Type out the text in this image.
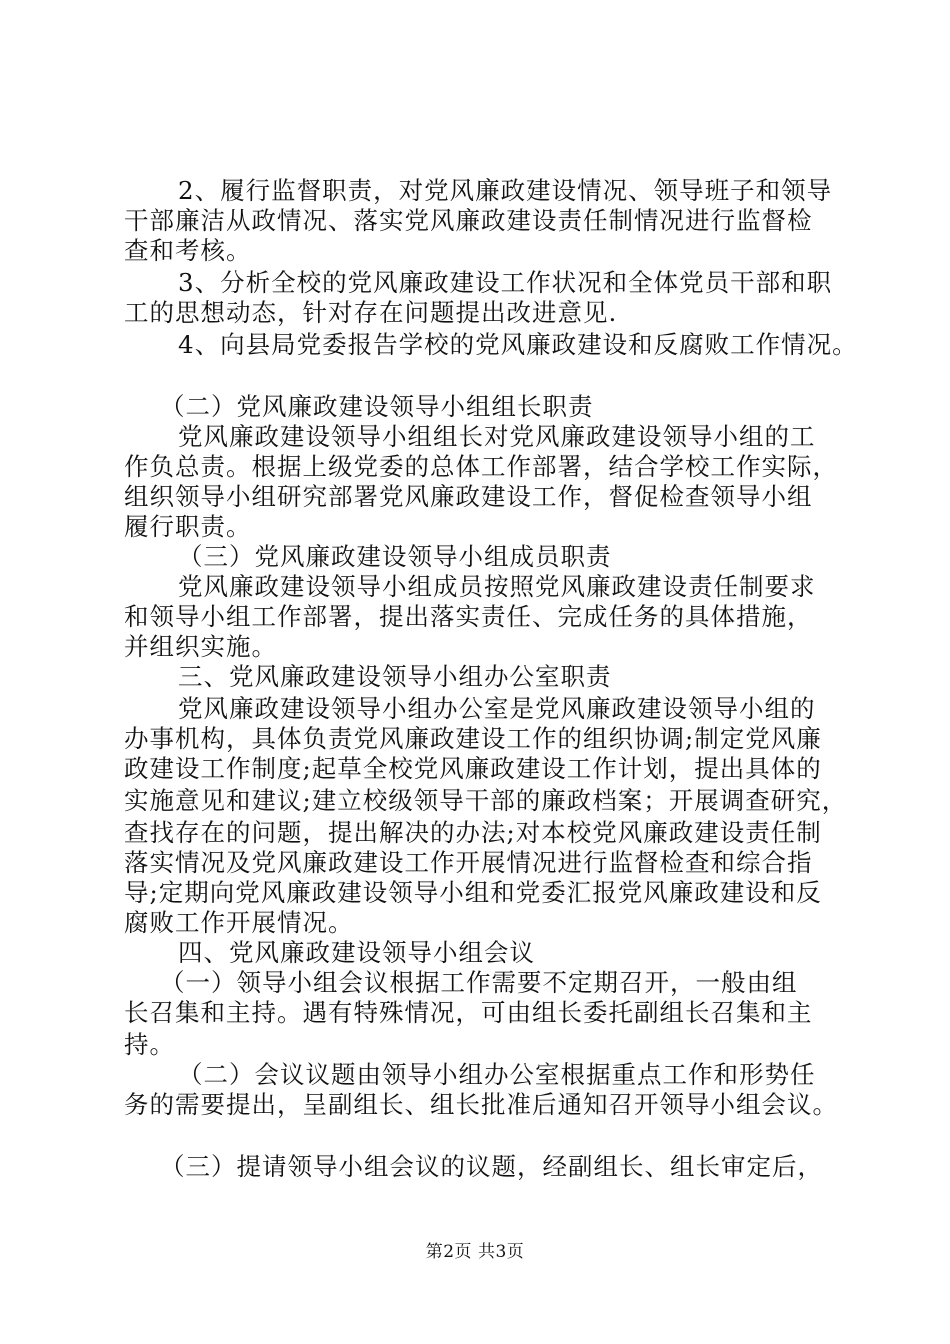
2、履行监督职责，对党风廉政建设情况、领导班子和领导
干部廉洁从政情况、落实党风廉政建设责任制情况进行监督检
查和考核。
3、分析全校的党风廉政建设工作状况和全体党员干部和职
工的思想动态，针对存在问题提出改进意见.
4、向县局党委报告学校的党风廉政建设和反腐败工作情况。
（二）党风廉政建设领导小组组长职责
党风廉政建设领导小组组长对党风廉政建设领导小组的工
作负总责。根据上级党委的总体工作部署，结合学校工作实际，
组织领导小组研究部署党风廉政建设工作，督促检查领导小组
履行职责。
（三）党风廉政建设领导小组成员职责
党风廉政建设领导小组成员按照党风廉政建设责任制要求
和领导小组工作部署，提出落实责任、完成任务的具体措施，
并组织实施。
三、党风廉政建设领导小组办公室职责
党风廉政建设领导小组办公室是党风廉政建设领导小组的
办事机构，具体负责党风廉政建设工作的组织协调;制定党风廉
政建设工作制度;起草全校党风廉政建设工作计划，提出具体的
实施意见和建议;建立校级领导干部的廉政档案；开展调查研究，
查找存在的问题，提出解决的办法;对本校党风廉政建设责任制
落实情况及党风廉政建设工作开展情况进行监督检查和综合指
导;定期向党风廉政建设领导小组和党委汇报党风廉政建设和反
腐败工作开展情况。
四、党风廉政建设领导小组会议
（一）领导小组会议根据工作需要不定期召开，一般由组
长召集和主持。遇有特殊情况，可由组长委托副组长召集和主
持。
（二）会议议题由领导小组办公室根据重点工作和形势任
务的需要提出，呈副组长、组长批准后通知召开领导小组会议。
（三）提请领导小组会议的议题，经副组长、组长审定后，
第2页 共3页
